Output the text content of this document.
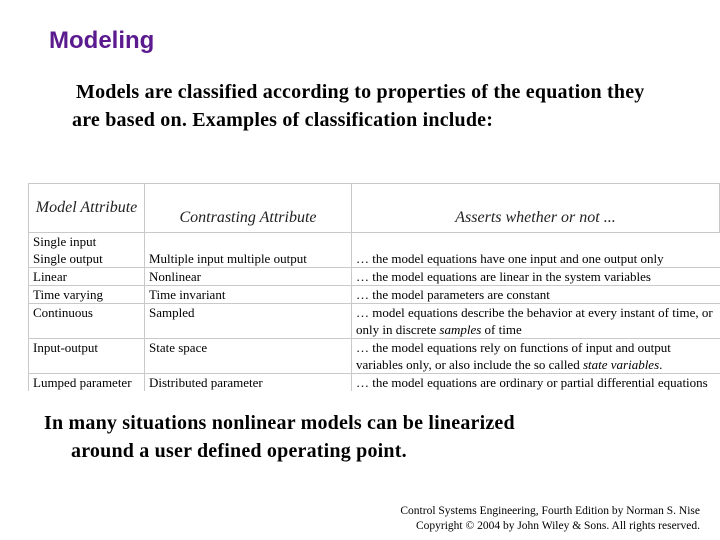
Modeling
Models are classified according to properties of the equation they are based on. Examples of classification include:
Model Attribute	Contrasting Attribute	Asserts whether or not ...

Single input
Single output	Multiple input multiple output	… the model equations have one input and one output only

Linear	Nonlinear	… the model equations are linear in the system variables
Time varying	Time invariant	… the model parameters are constant
Continuous	Sampled	… model equations describe the behavior at every instant of time, or only in discrete samples of time
Input-output	State space	… the model equations rely on functions of input and output variables only, or also include the so called state variables.
Lumped parameter	Distributed parameter	… the model equations are ordinary or partial differential equations
In many situations nonlinear models can be linearized
around a user defined operating point.
Control Systems Engineering, Fourth Edition by Norman S. Nise
Copyright © 2004 by John Wiley & Sons. All rights reserved.
